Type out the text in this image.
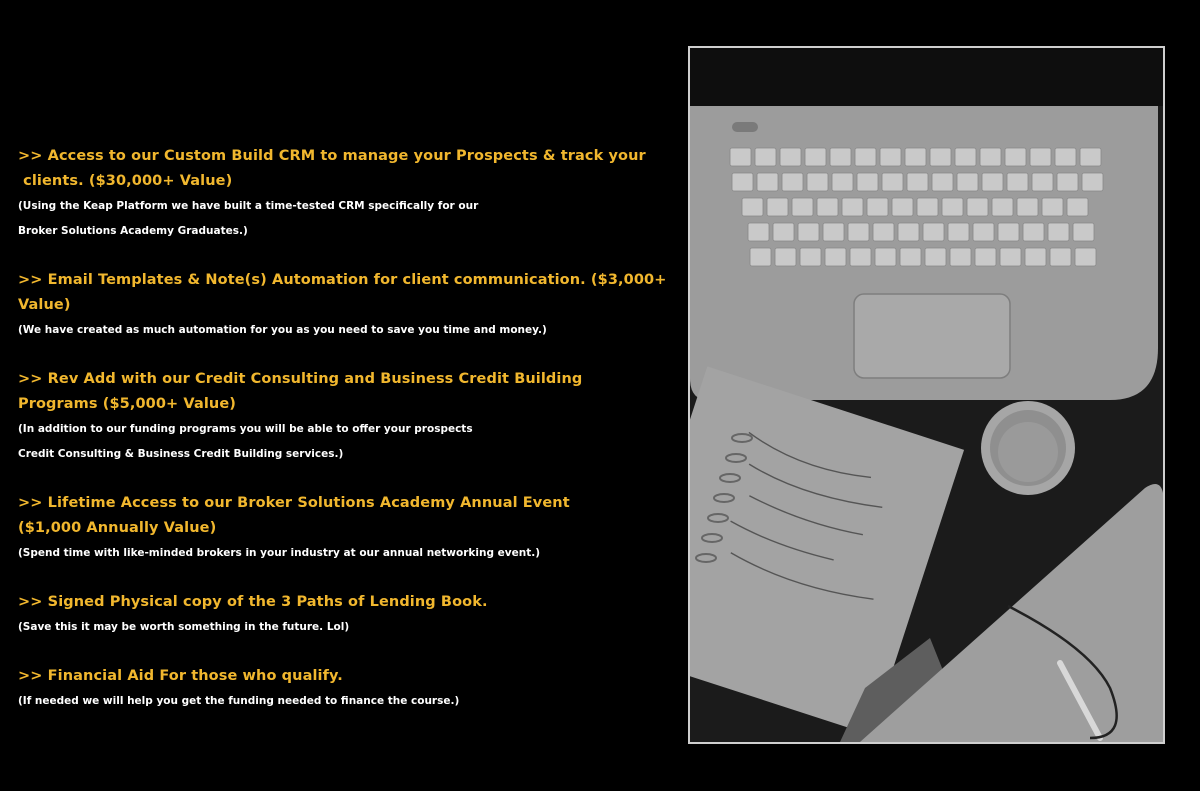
>> Access to our Custom Build CRM to manage your Prospects & track your
clients. ($30,000+ Value)
(Using the Keap Platform we have built a time-tested CRM specifically for our
Broker Solutions Academy Graduates.)
>> Email Templates & Note(s) Automation for client communication. ($3,000+ Value)
(We have created as much automation for you as you need to save you time and money.)
>> Rev Add with our Credit Consulting and Business Credit Building
Programs ($5,000+ Value)
(In addition to our funding programs you will be able to offer your prospects
Credit Consulting & Business Credit Building services.)
>> Lifetime Access to our Broker Solutions Academy Annual Event
($1,000 Annually Value)
(Spend time with like-minded brokers in your industry at our annual networking event.)
>> Signed Physical copy of the 3 Paths of Lending Book.
(Save this it may be worth something in the future. Lol)
>> Financial Aid For those who qualify.
(If needed we will help you get the funding needed to finance the course.)
